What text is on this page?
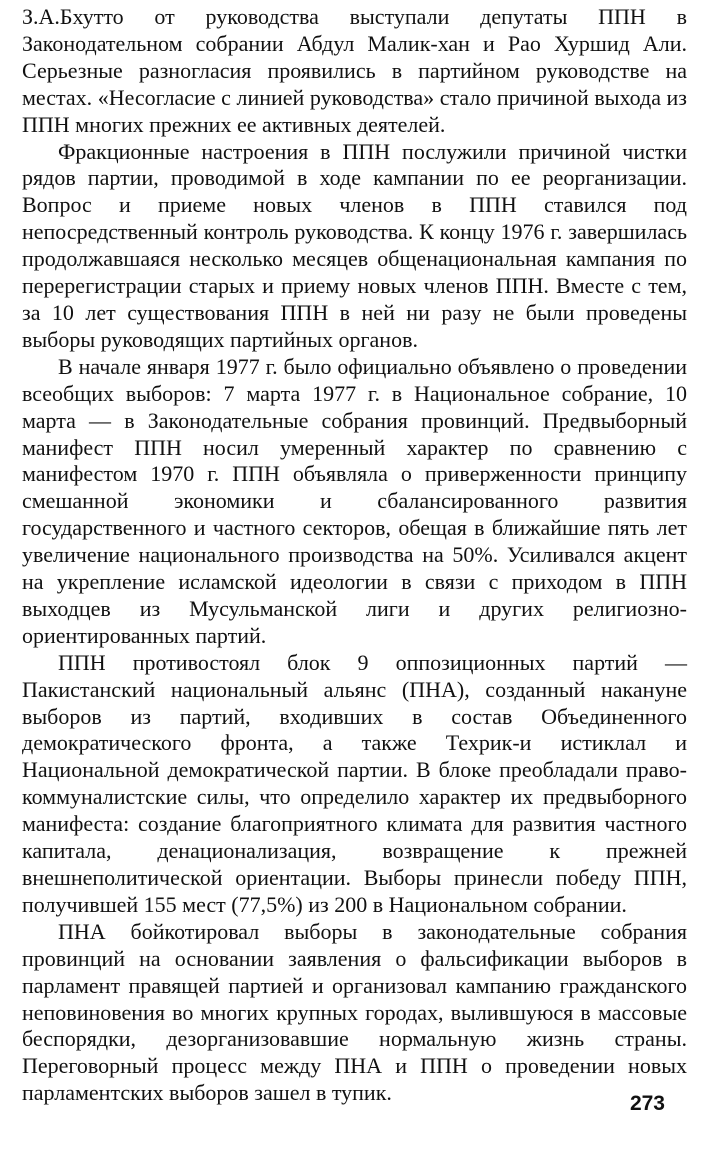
З.А.Бхутто от руководства выступали депутаты ППН в Законодательном собрании Абдул Малик-хан и Рао Хуршид Али. Серьезные разногласия проявились в партийном руководстве на местах. «Несогласие с линией руководства» стало причиной выхода из ППН многих прежних ее активных деятелей.

Фракционные настроения в ППН послужили причиной чистки рядов партии, проводимой в ходе кампании по ее реорганизации. Вопрос и приеме новых членов в ППН ставился под непосредственный контроль руководства. К концу 1976 г. завершилась продолжавшаяся несколько месяцев общенациональная кампания по перерегистрации старых и приему новых членов ППН. Вместе с тем, за 10 лет существования ППН в ней ни разу не были проведены выборы руководящих партийных органов.

В начале января 1977 г. было официально объявлено о проведении всеобщих выборов: 7 марта 1977 г. в Национальное собрание, 10 марта — в Законодательные собрания провинций. Предвыборный манифест ППН носил умеренный характер по сравнению с манифестом 1970 г. ППН объявляла о приверженности принципу смешанной экономики и сбалансированного развития государственного и частного секторов, обещая в ближайшие пять лет увеличение национального производства на 50%. Усиливался акцент на укрепление исламской идеологии в связи с приходом в ППН выходцев из Мусульманской лиги и других религиозно-ориентированных партий.

ППН противостоял блок 9 оппозиционных партий — Пакистанский национальный альянс (ПНА), созданный накануне выборов из партий, входивших в состав Объединенного демократического фронта, а также Техрик-и истиклал и Национальной демократической партии. В блоке преобладали право-коммуналистские силы, что определило характер их предвыборного манифеста: создание благоприятного климата для развития частного капитала, денационализация, возвращение к прежней внешнеполитической ориентации. Выборы принесли победу ППН, получившей 155 мест (77,5%) из 200 в Национальном собрании.

ПНА бойкотировал выборы в законодательные собрания провинций на основании заявления о фальсификации выборов в парламент правящей партией и организовал кампанию гражданского неповиновения во многих крупных городах, вылившуюся в массовые беспорядки, дезорганизовавшие нормальную жизнь страны. Переговорный процесс между ПНА и ППН о проведении новых парламентских выборов зашел в тупик.	273
